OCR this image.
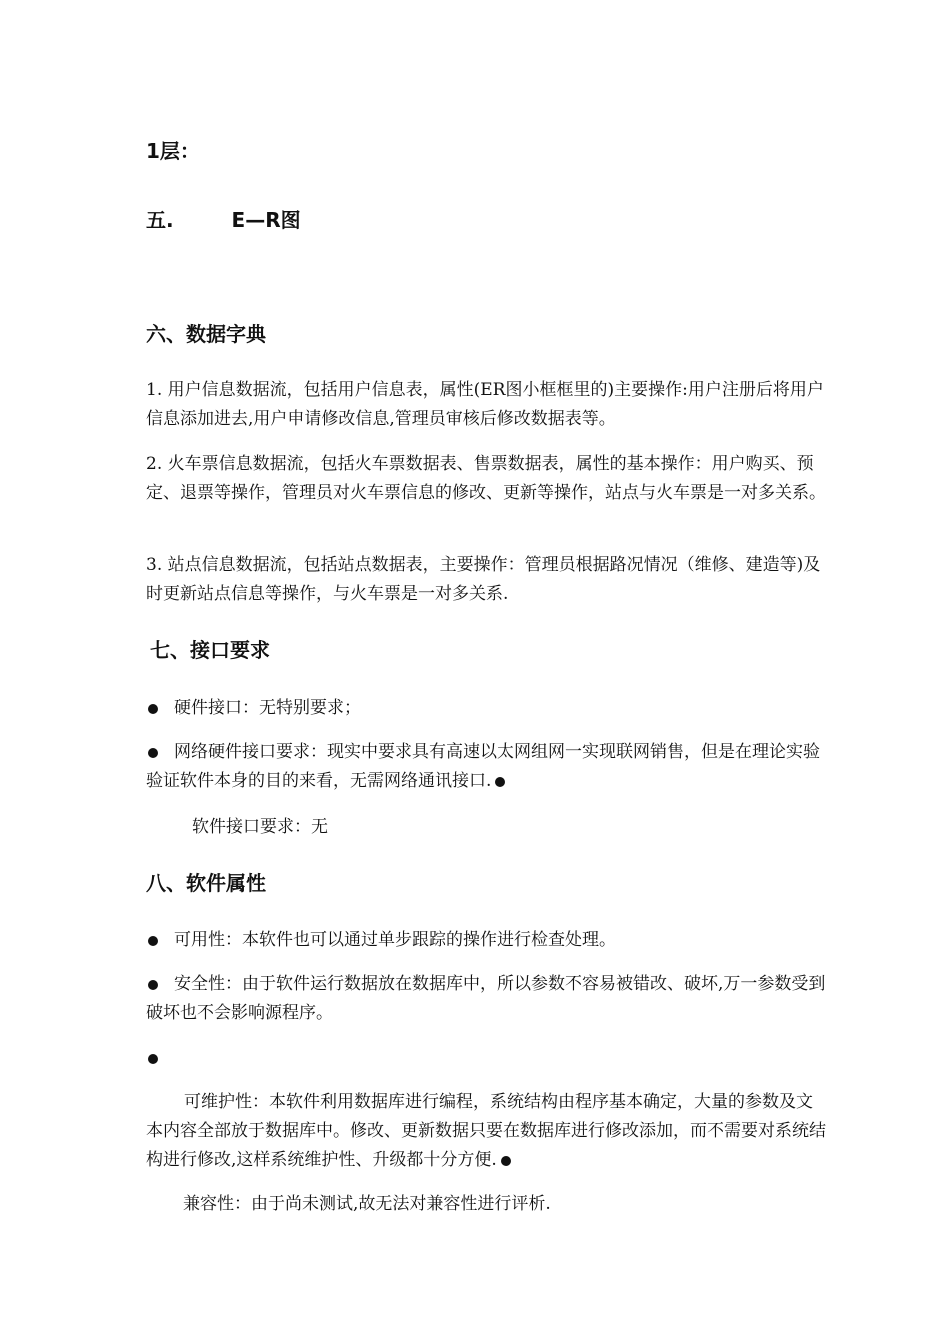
1层：
五.	E—R图
六、数据字典

1. 用户信息数据流，包括用户信息表，属性(ER图小框框里的)主要操作:用户注册后将用户信息添加进去,用户申请修改信息,管理员审核后修改数据表等。

2. 火车票信息数据流，包括火车票数据表、售票数据表，属性的基本操作：用户购买、预定、退票等操作，管理员对火车票信息的修改、更新等操作，站点与火车票是一对多关系。

3. 站点信息数据流，包括站点数据表，主要操作：管理员根据路况情况（维修、建造等)及时更新站点信息等操作，与火车票是一对多关系.

七、接口要求

硬件接口：无特别要求；

网络硬件接口要求：现实中要求具有高速以太网组网一实现联网销售，但是在理论实验验证软件本身的目的来看，无需网络通讯接口.

软件接口要求：无

八、软件属性

可用性：本软件也可以通过单步跟踪的操作进行检查处理。

安全性：由于软件运行数据放在数据库中，所以参数不容易被错改、破坏,万一参数受到破坏也不会影响源程序。

可维护性：本软件利用数据库进行编程，系统结构由程序基本确定，大量的参数及文本内容全部放于数据库中。修改、更新数据只要在数据库进行修改添加，而不需要对系统结构进行修改,这样系统维护性、升级都十分方便.

兼容性：由于尚未测试,故无法对兼容性进行评析.
